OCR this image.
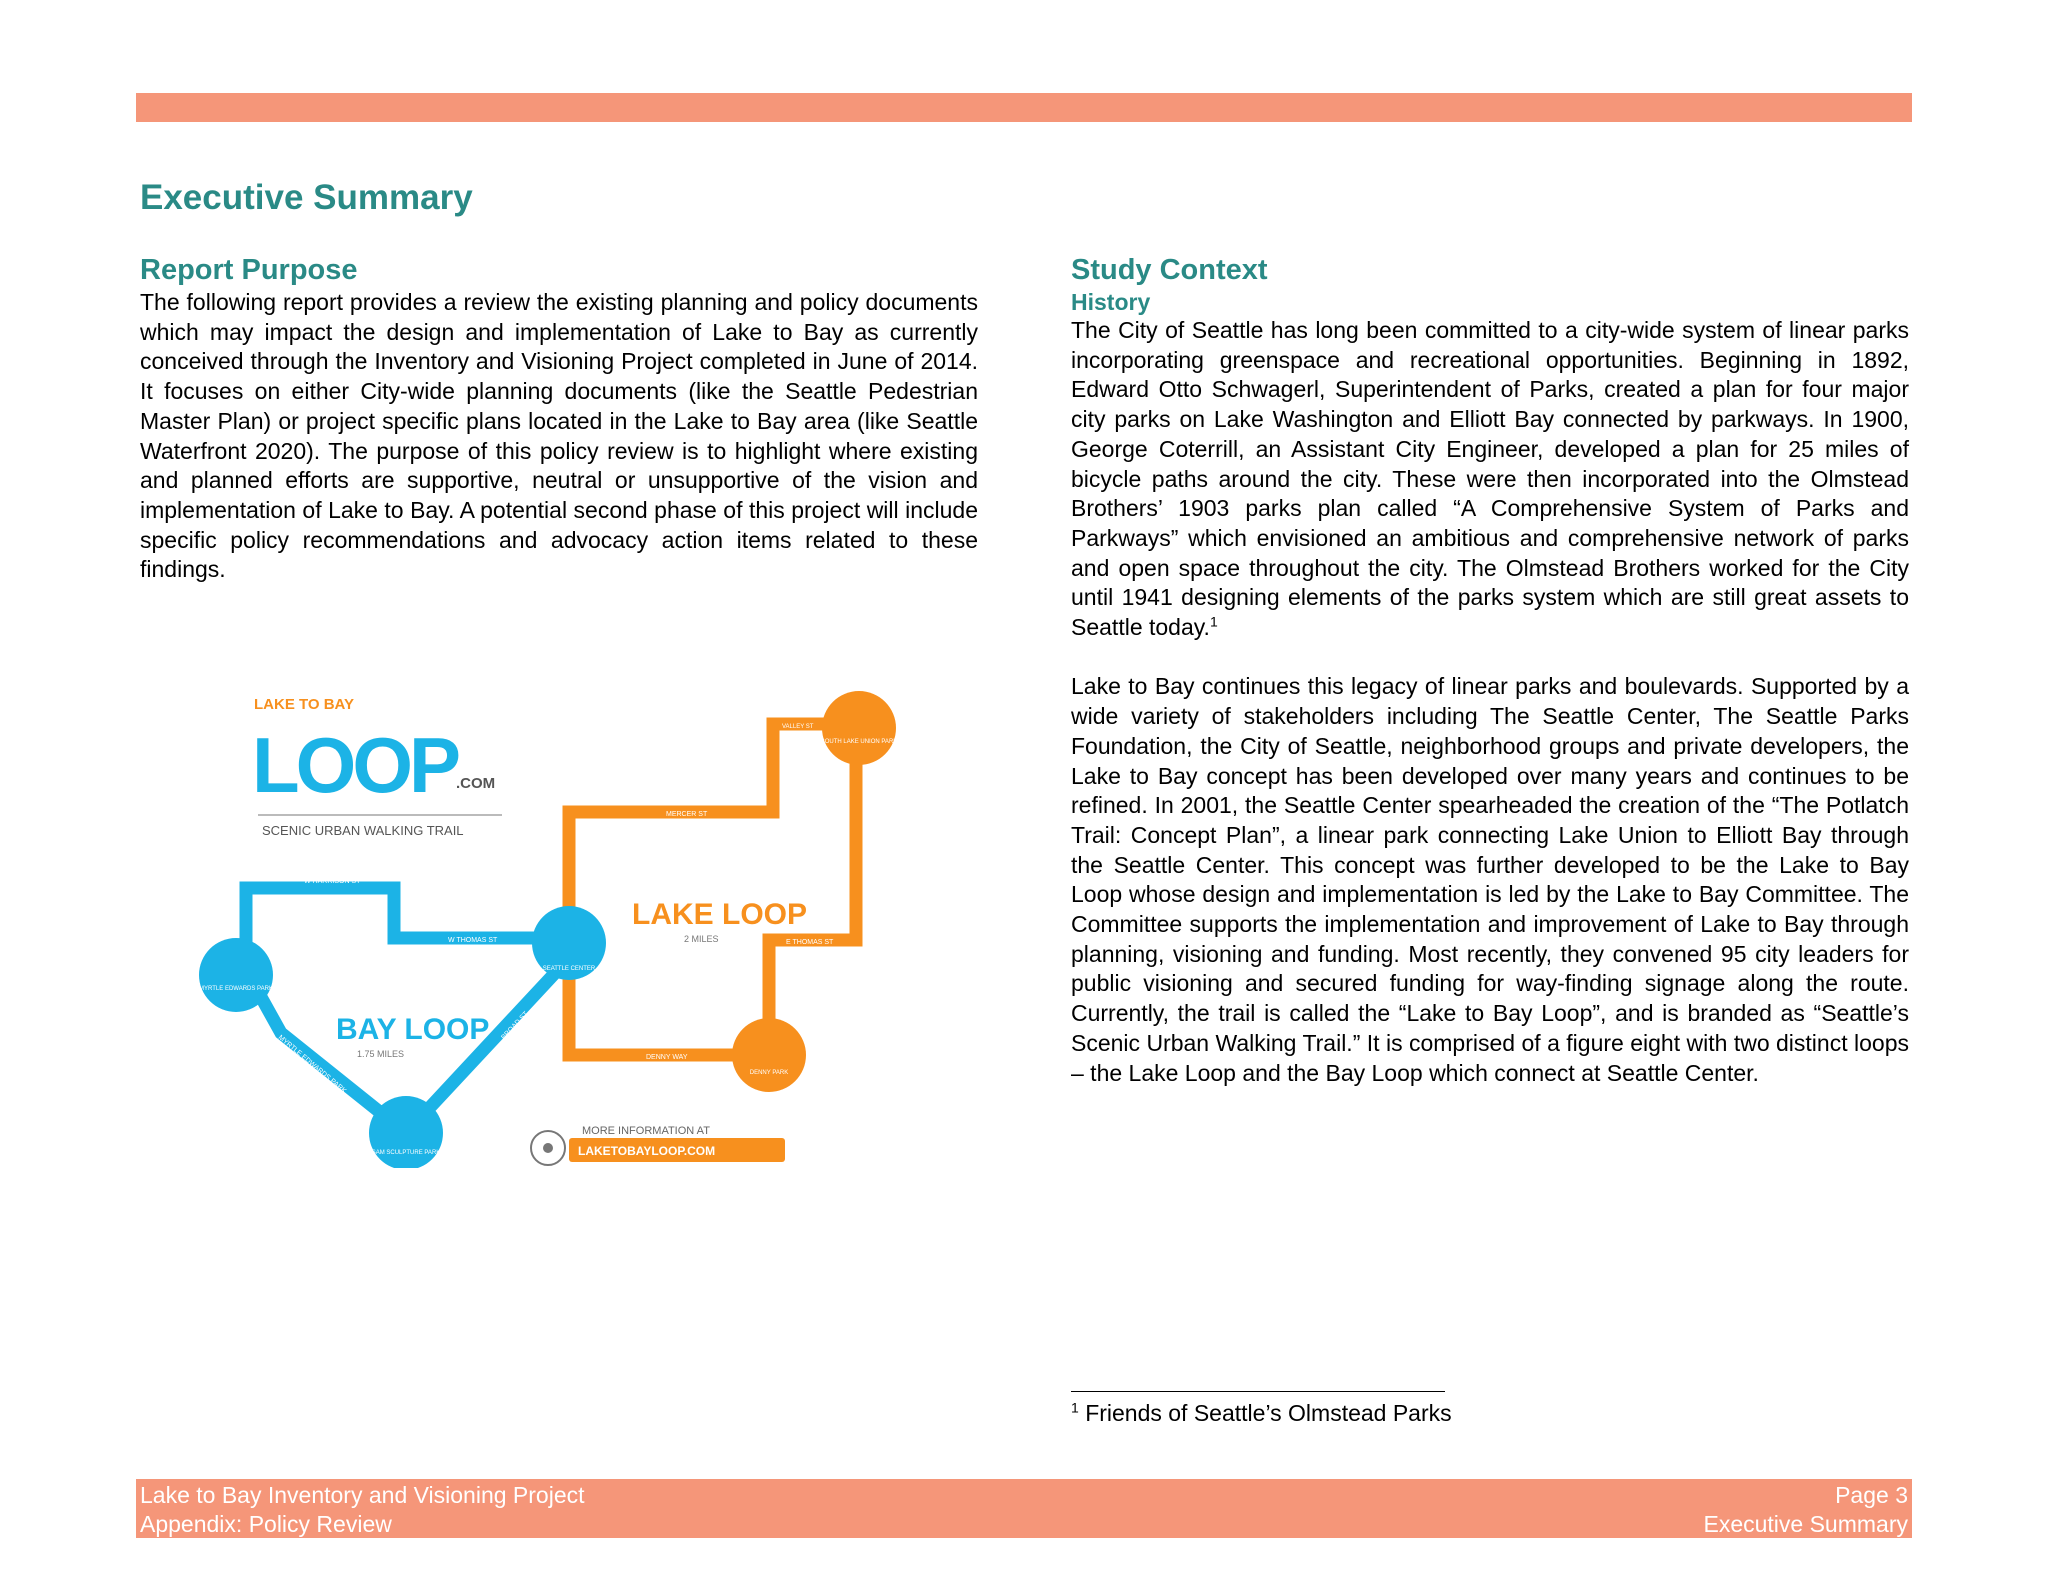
Executive Summary
Report Purpose

The following report provides a review the existing planning and policy documents which may impact the design and implementation of Lake to Bay as currently conceived through the Inventory and Visioning Project completed in June of 2014. It focuses on either City-wide planning documents (like the Seattle Pedestrian Master Plan) or project specific plans located in the Lake to Bay area (like Seattle Waterfront 2020). The purpose of this policy review is to highlight where existing and planned efforts are supportive, neutral or unsupportive of the vision and implementation of Lake to Bay. A potential second phase of this project will include specific policy recommendations and advocacy action items related to these findings.

Study Context
History

The City of Seattle has long been committed to a city-wide system of linear parks incorporating greenspace and recreational opportunities. Beginning in 1892, Edward Otto Schwagerl, Superintendent of Parks, created a plan for four major city parks on Lake Washington and Elliott Bay connected by parkways. In 1900, George Coterrill, an Assistant City Engineer, developed a plan for 25 miles of bicycle paths around the city. These were then incorporated into the Olmstead Brothers’ 1903 parks plan called “A Comprehensive System of Parks and Parkways” which envisioned an ambitious and comprehensive network of parks and open space throughout the city. The Olmstead Brothers worked for the City until 1941 designing elements of the parks system which are still great assets to Seattle today.$^1$

Lake to Bay continues this legacy of linear parks and boulevards. Supported by a wide variety of stakeholders including The Seattle Center, The Seattle Parks Foundation, the City of Seattle, neighborhood groups and private developers, the Lake to Bay concept has been developed over many years and continues to be refined. In 2001, the Seattle Center spearheaded the creation of the “The Potlatch Trail: Concept Plan”, a linear park connecting Lake Union to Elliott Bay through the Seattle Center. This concept was further developed to be the Lake to Bay Loop whose design and implementation is led by the Lake to Bay Committee. The Committee supports the implementation and improvement of Lake to Bay through planning, visioning and funding. Most recently, they convened 95 city leaders for public visioning and secured funding for way-finding signage along the route. Currently, the trail is called the “Lake to Bay Loop”, and is branded as “Seattle’s Scenic Urban Walking Trail.” It is comprised of a figure eight with two distinct loops – the Lake Loop and the Bay Loop which connect at Seattle Center.

LAKE TO BAY
LOOP
.COM
SCENIC URBAN WALKING TRAIL
W HARRISON ST
W THOMAS ST
MERCER ST
E THOMAS ST
DENNY WAY
VALLEY ST
BROAD ST
MYRTLE EDWARDS PARK
BAY LOOP
1.75 MILES
LAKE LOOP
2 MILES
MYRTLE EDWARDS PARK
SEATTLE CENTER
SAM SCULPTURE PARK
SOUTH LAKE UNION PARK
DENNY PARK
MORE INFORMATION AT
LAKETOBAYLOOP.COM
$^1$ Friends of Seattle’s Olmstead Parks
Lake to Bay Inventory and Visioning Project
Appendix: Policy Review
Page 3
Executive Summary
